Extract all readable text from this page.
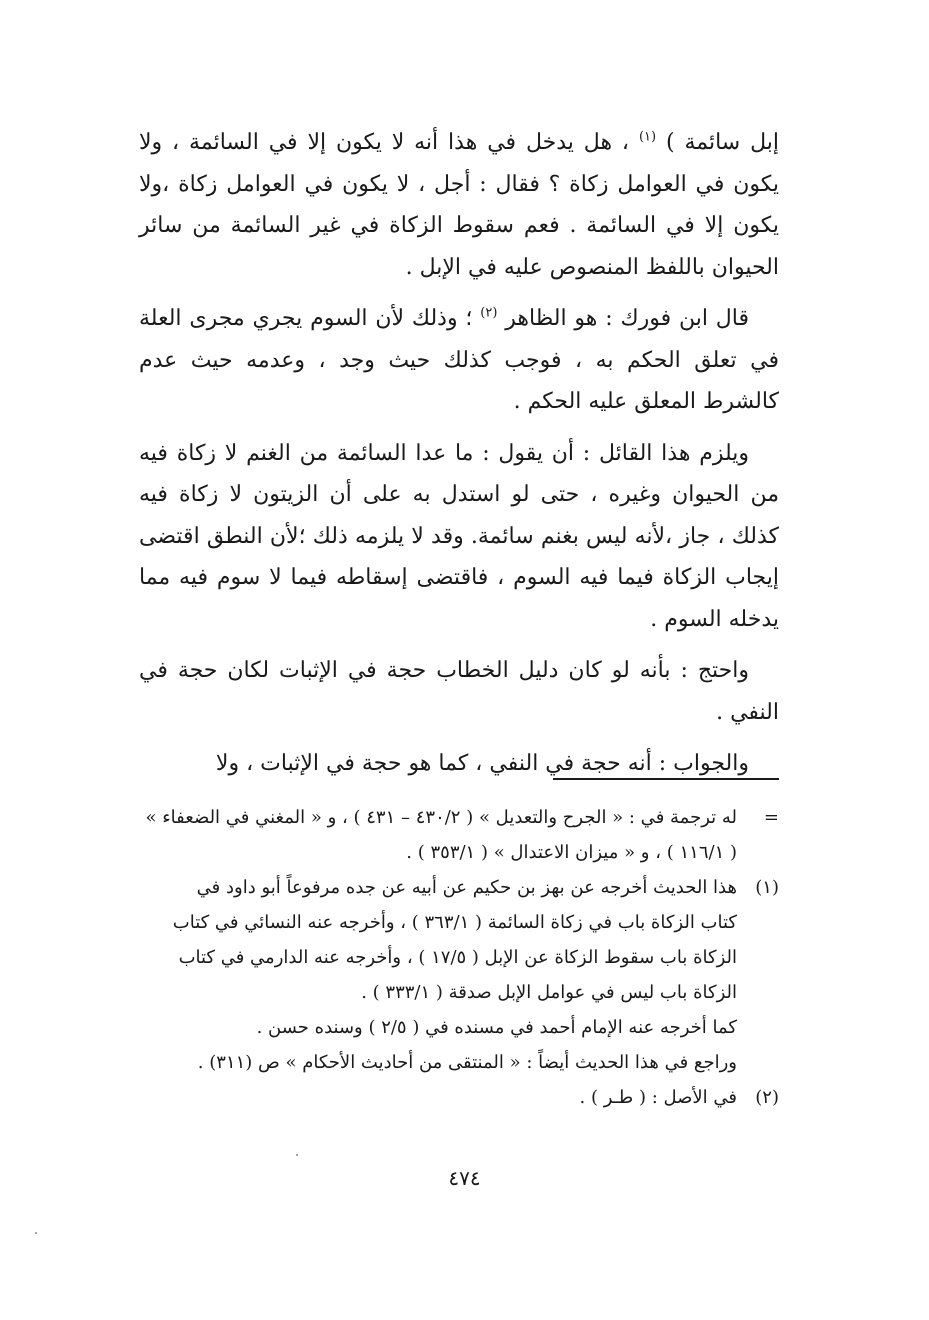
إبل سائمة ) $^{(١)}$ ، هل يدخل في هذا أنه لا يكون إلا في السائمة ، ولا يكون في العوامل زكاة ؟ فقال : أجل ، لا يكون في العوامل زكاة ،ولا يكون إلا في السائمة . فعم سقوط الزكاة في غير السائمة من سائر الحيوان باللفظ المنصوص عليه في الإبل .

قال ابن فورك : هو الظاهر $^{(٢)}$ ؛ وذلك لأن السوم يجري مجرى العلة في تعلق الحكم به ، فوجب كذلك حيث وجد ، وعدمه حيث عدم كالشرط المعلق عليه الحكم .

ويلزم هذا القائل : أن يقول : ما عدا السائمة من الغنم لا زكاة فيه من الحيوان وغيره ، حتى لو استدل به على أن الزيتون لا زكاة فيه كذلك ، جاز ،لأنه ليس بغنم سائمة. وقد لا يلزمه ذلك ؛لأن النطق اقتضى إيجاب الزكاة فيما فيه السوم ، فاقتضى إسقاطه فيما لا سوم فيه مما يدخله السوم .

واحتج : بأنه لو كان دليل الخطاب حجة في الإثبات لكان حجة في النفي .

والجواب : أنه حجة في النفي ، كما هو حجة في الإثبات ، ولا

=
له ترجمة في : « الجرح والتعديل » ( ٤٣٠/٢ – ٤٣١ ) ، و « المغني في الضعفاء »
( ١١٦/١ ) ، و « ميزان الاعتدال » ( ٣٥٣/١ ) .
(١)
هذا الحديث أخرجه عن بهز بن حكيم عن أبيه عن جده مرفوعاً أبو داود في
كتاب الزكاة باب في زكاة السائمة ( ٣٦٣/١ ) ، وأخرجه عنه النسائي في كتاب
الزكاة باب سقوط الزكاة عن الإبل ( ١٧/٥ ) ، وأخرجه عنه الدارمي في كتاب
الزكاة باب ليس في عوامل الإبل صدقة ( ٣٣٣/١ ) .
كما أخرجه عنه الإمام أحمد في مسنده في ( ٢/٥ ) وسنده حسن .
وراجع في هذا الحديث أيضاً : « المنتقى من أحاديث الأحكام » ص (٣١١) .
(٢)
في الأصل : ( طـر ) .
٤٧٤
